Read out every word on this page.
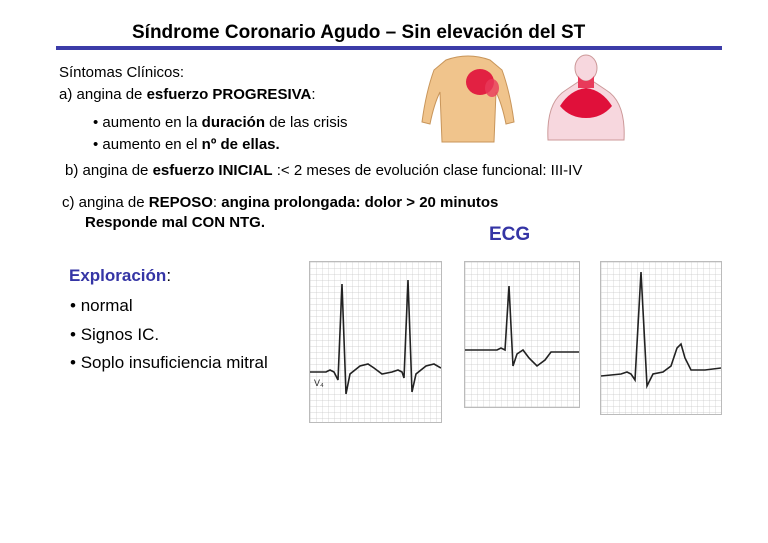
Síndrome Coronario Agudo – Sin elevación del ST
Síntomas Clínicos:
a) angina de esfuerzo PROGRESIVA:
• aumento en la duración de las crisis
• aumento en el nº de ellas.
b) angina de esfuerzo INICIAL :< 2 meses de evolución clase funcional: III-IV
c) angina de REPOSO: angina prolongada: dolor > 20 minutos
Responde mal CON NTG.
ECG
V₄
Exploración:
• normal
• Signos IC.
• Soplo insuficiencia mitral
